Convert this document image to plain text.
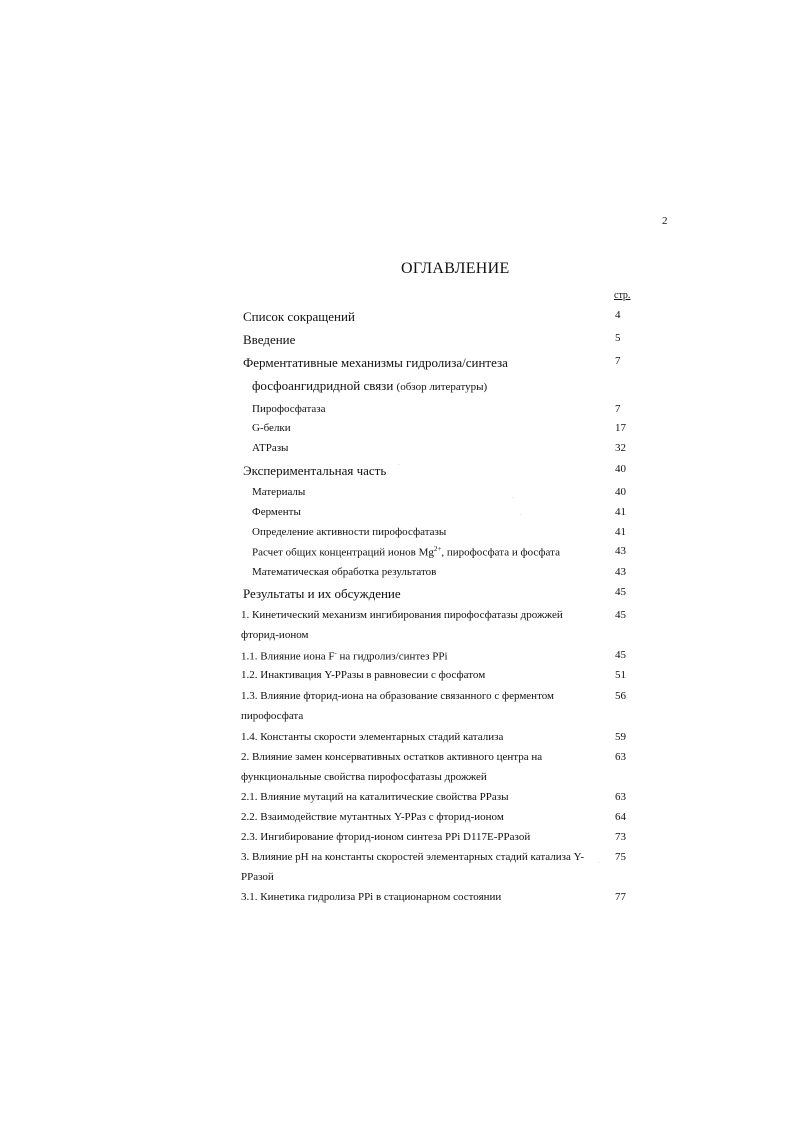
2
ОГЛАВЛЕНИЕ
стр.
Список сокращений	4
Введение	5
Ферментативные механизмы гидролиза/синтеза	7
фосфоангидридной связи (обзор литературы)
Пирофосфатаза	7
G-белки	17
АТРазы	32
Экспериментальная часть	40
Материалы	40
Ферменты	41
Определение активности пирофосфатазы	41
Расчет общих концентраций ионов $Mg^{2+}$, пирофосфата и фосфата	43
Математическая обработка результатов	43
Результаты и их обсуждение	45
1. Кинетический механизм ингибирования пирофосфатазы дрожжей	45
фторид-ионом
1.1. Влияние иона F- на гидролиз/синтез PPi	45
1.2. Инактивация Y-PPазы в равновесии с фосфатом	51
1.3. Влияние фторид-иона на образование связанного с ферментом	56
пирофосфата
1.4. Константы скорости элементарных стадий катализа	59
2. Влияние замен консервативных остатков активного центра на	63
функциональные свойства пирофосфатазы дрожжей
2.1. Влияние мутаций на каталитические свойства PPазы	63
2.2. Взаимодействие мутантных Y-PPаз с фторид-ионом	64
2.3. Ингибирование фторид-ионом синтеза PPi D117E-PPазой	73
3. Влияние pH на константы скоростей элементарных стадий катализа Y-	75
PPазой
3.1. Кинетика гидролиза PPi в стационарном состоянии	77
.
.
.
.
